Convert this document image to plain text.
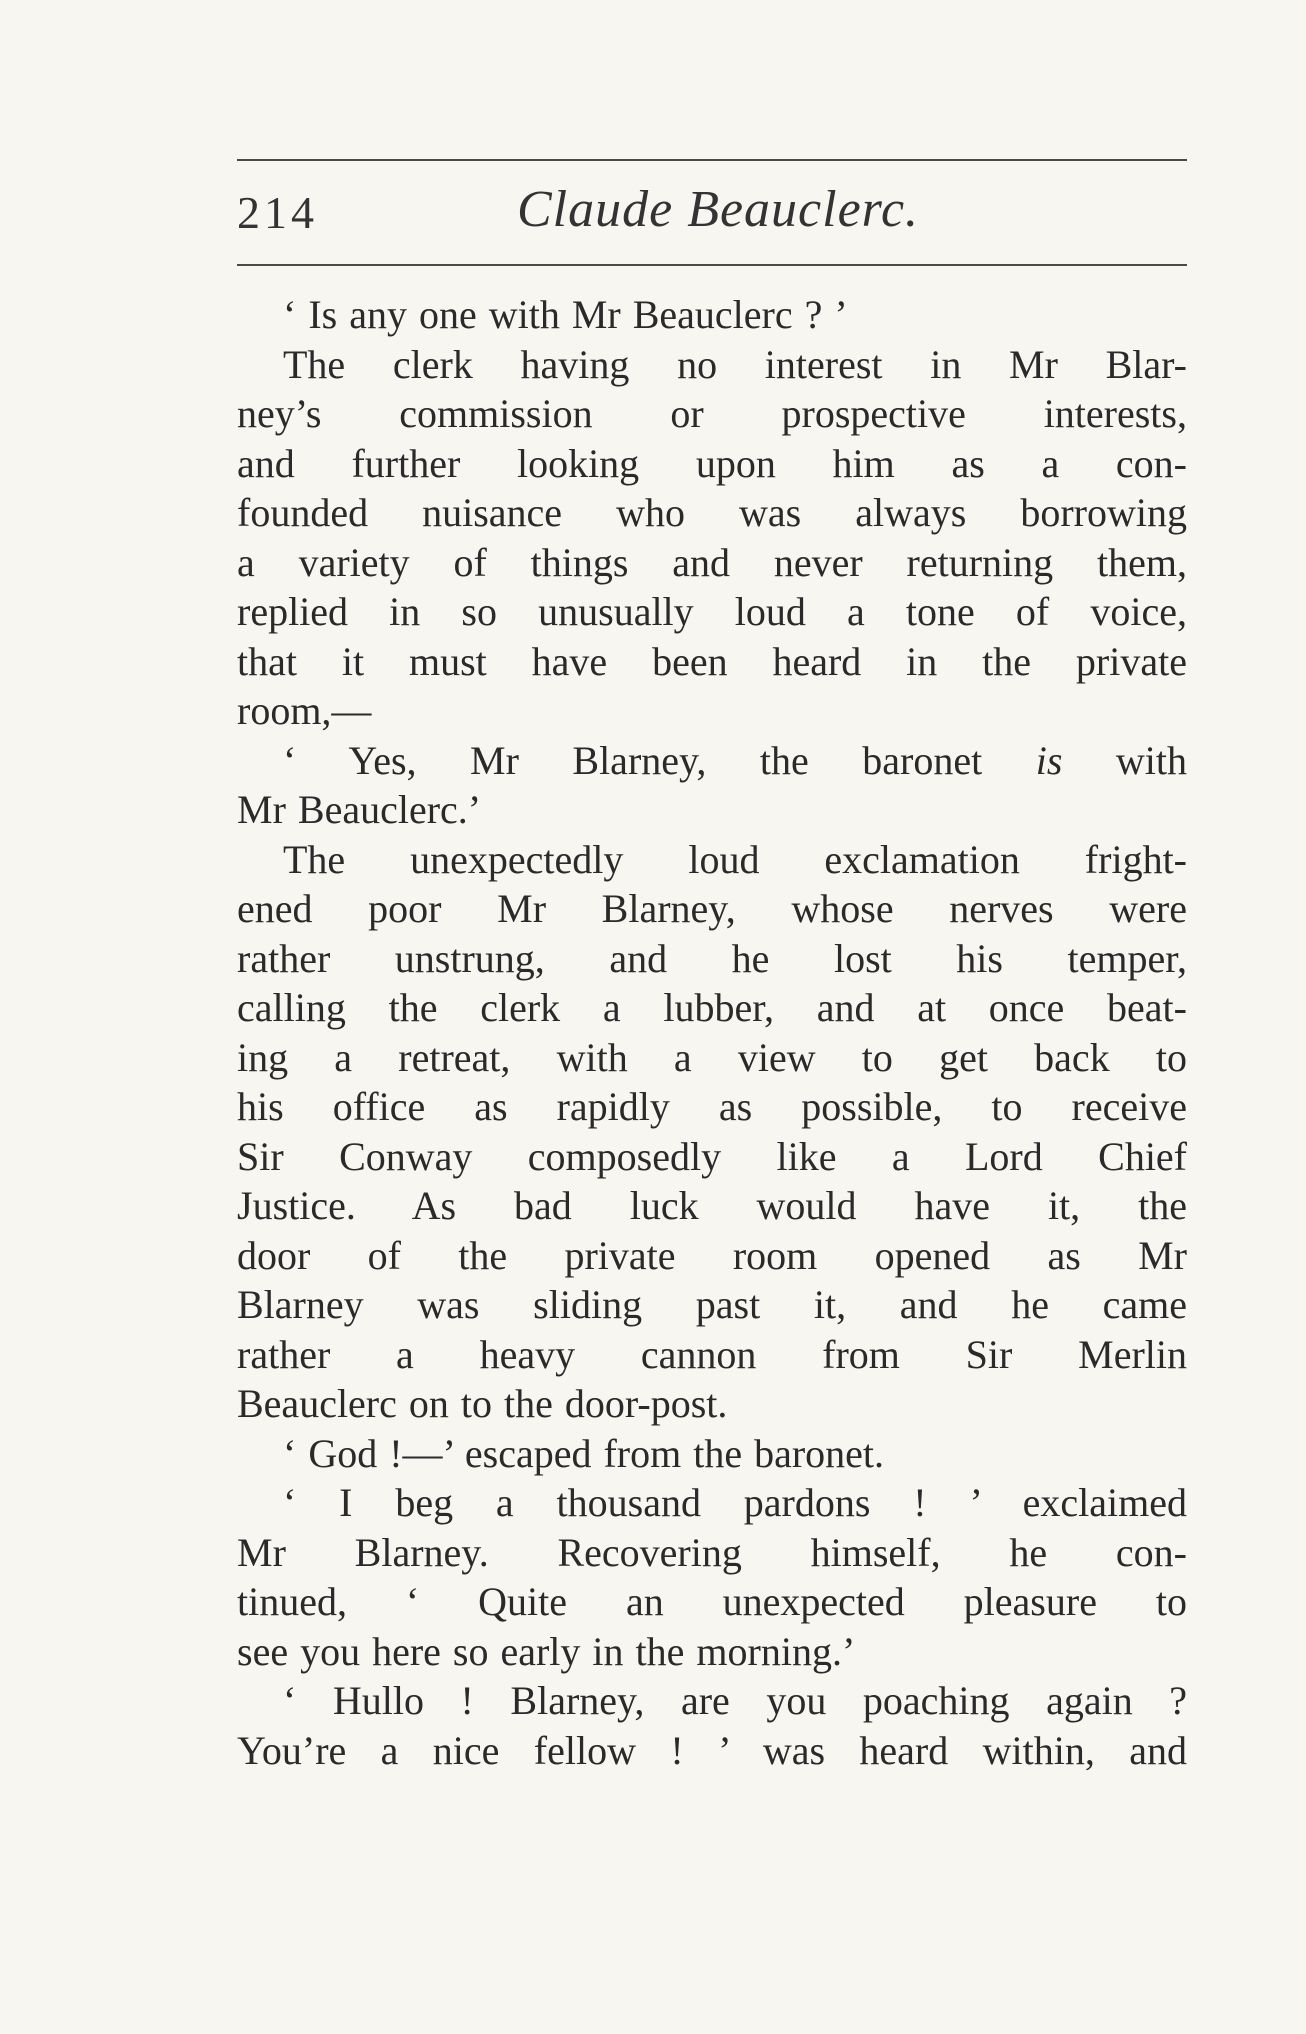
214	Claude Beauclerc.
‘ Is any one with Mr Beauclerc ? ’
The clerk having no interest in Mr Blar-
ney’s commission or prospective interests,
and further looking upon him as a con-
founded nuisance who was always borrowing
a variety of things and never returning them,
replied in so unusually loud a tone of voice,
that it must have been heard in the private
room,—
‘ Yes, Mr Blarney, the baronet is with
Mr Beauclerc.’
The unexpectedly loud exclamation fright-
ened poor Mr Blarney, whose nerves were
rather unstrung, and he lost his temper,
calling the clerk a lubber, and at once beat-
ing a retreat, with a view to get back to
his office as rapidly as possible, to receive
Sir Conway composedly like a Lord Chief
Justice. As bad luck would have it, the
door of the private room opened as Mr
Blarney was sliding past it, and he came
rather a heavy cannon from Sir Merlin
Beauclerc on to the door-post.
‘ God !—’ escaped from the baronet.
‘ I beg a thousand pardons ! ’ exclaimed
Mr Blarney. Recovering himself, he con-
tinued, ‘ Quite an unexpected pleasure to
see you here so early in the morning.’
‘ Hullo ! Blarney, are you poaching again ?
You’re a nice fellow ! ’ was heard within, and
